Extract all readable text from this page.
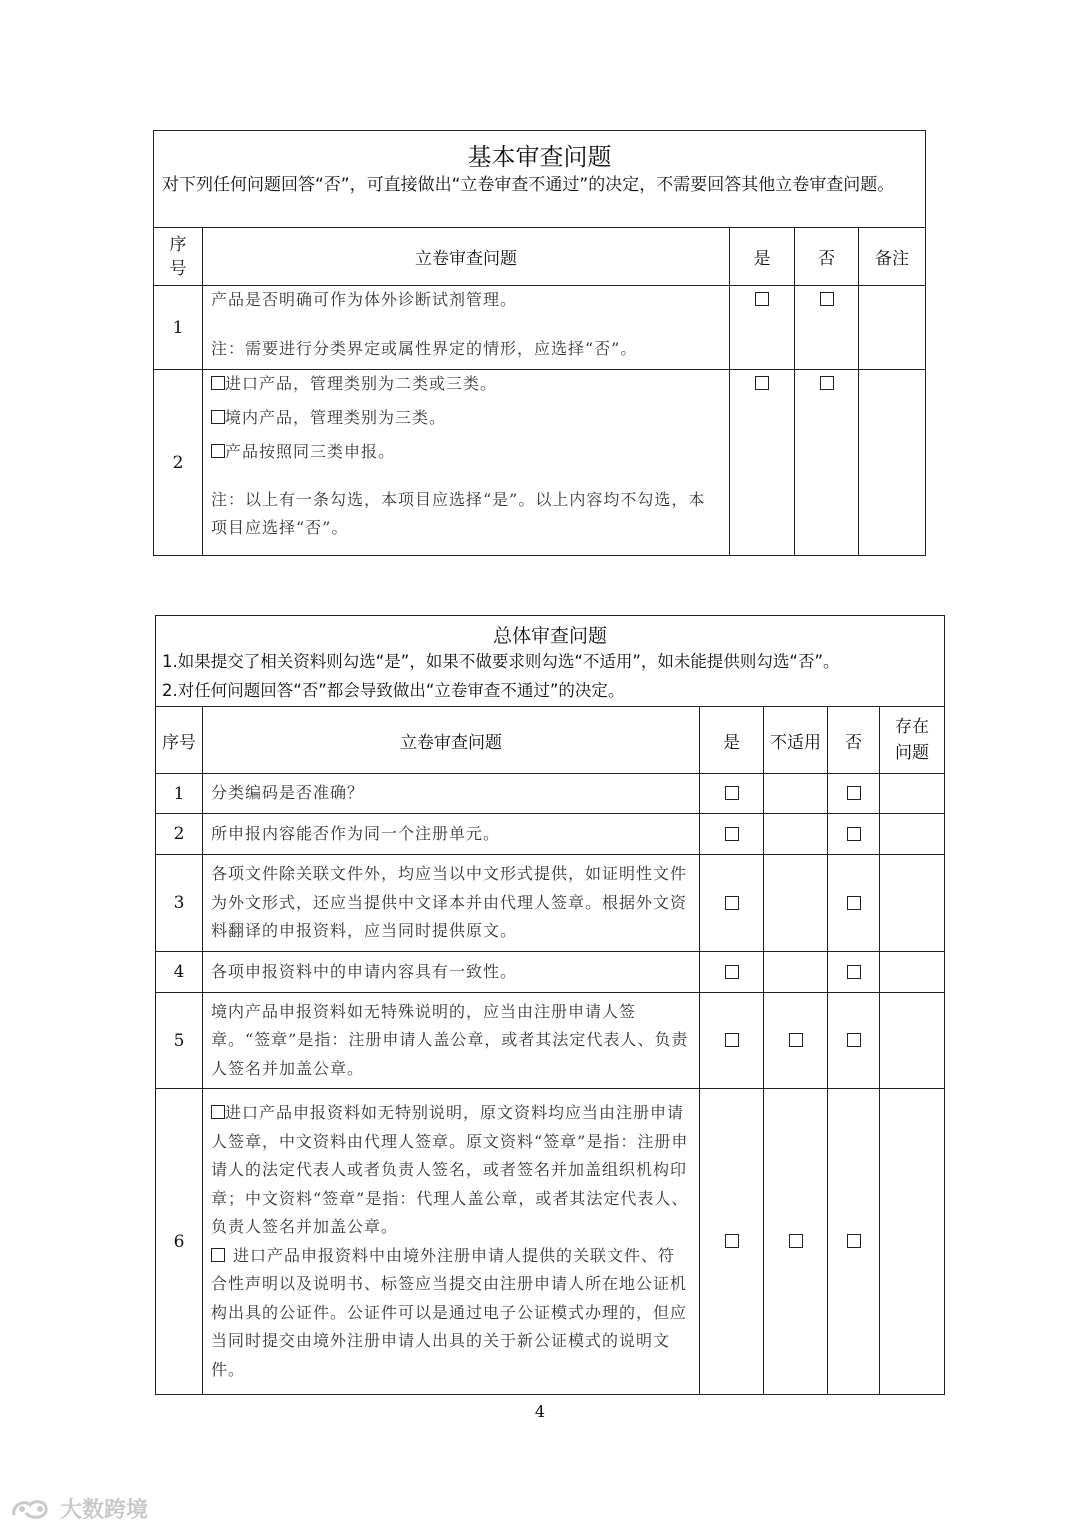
基本审查问题
对下列任何问题回答“否”，可直接做出“立卷审查不通过”的决定，不需要回答其他立卷审查问题。				

序
号	立卷审查问题	是	否	备注
1	产品是否明确可作为体外诊断试剂管理。

注：需要进行分类界定或属性界定的情形，应选择“否”。			

2	进口产品，管理类别为二类或三类。

境内产品，管理类别为三类。

产品按照同三类申报。

注：以上有一条勾选，本项目应选择“是”。以上内容均不勾选，本项目应选择“否”。			

总体审查问题
1.如果提交了相关资料则勾选“是”，如果不做要求则勾选“不适用”，如未能提供则勾选“否”。
2.对任何问题回答“否”都会导致做出“立卷审查不通过”的决定。					

序号	立卷审查问题	是	不适用	否	存在
问题

1	分类编码是否准确？				
2	所申报内容能否作为同一个注册单元。				
3	各项文件除关联文件外，均应当以中文形式提供，如证明性文件为外文形式，还应当提供中文译本并由代理人签章。根据外文资料翻译的申报资料，应当同时提供原文。				
4	各项申报资料中的申请内容具有一致性。				
5	境内产品申报资料如无特殊说明的，应当由注册申请人签章。“签章”是指：注册申请人盖公章，或者其法定代表人、负责人签名并加盖公章。				
6	进口产品申报资料如无特别说明，原文资料均应当由注册申请人签章，中文资料由代理人签章。原文资料“签章”是指：注册申请人的法定代表人或者负责人签名，或者签名并加盖组织机构印章；中文资料“签章”是指：代理人盖公章，或者其法定代表人、负责人签名并加盖公章。

进口产品申报资料中由境外注册申请人提供的关联文件、符合性声明以及说明书、标签应当提交由注册申请人所在地公证机构出具的公证件。公证件可以是通过电子公证模式办理的，但应当同时提交由境外注册申请人出具的关于新公证模式的说明文件。				

4
大数跨境
